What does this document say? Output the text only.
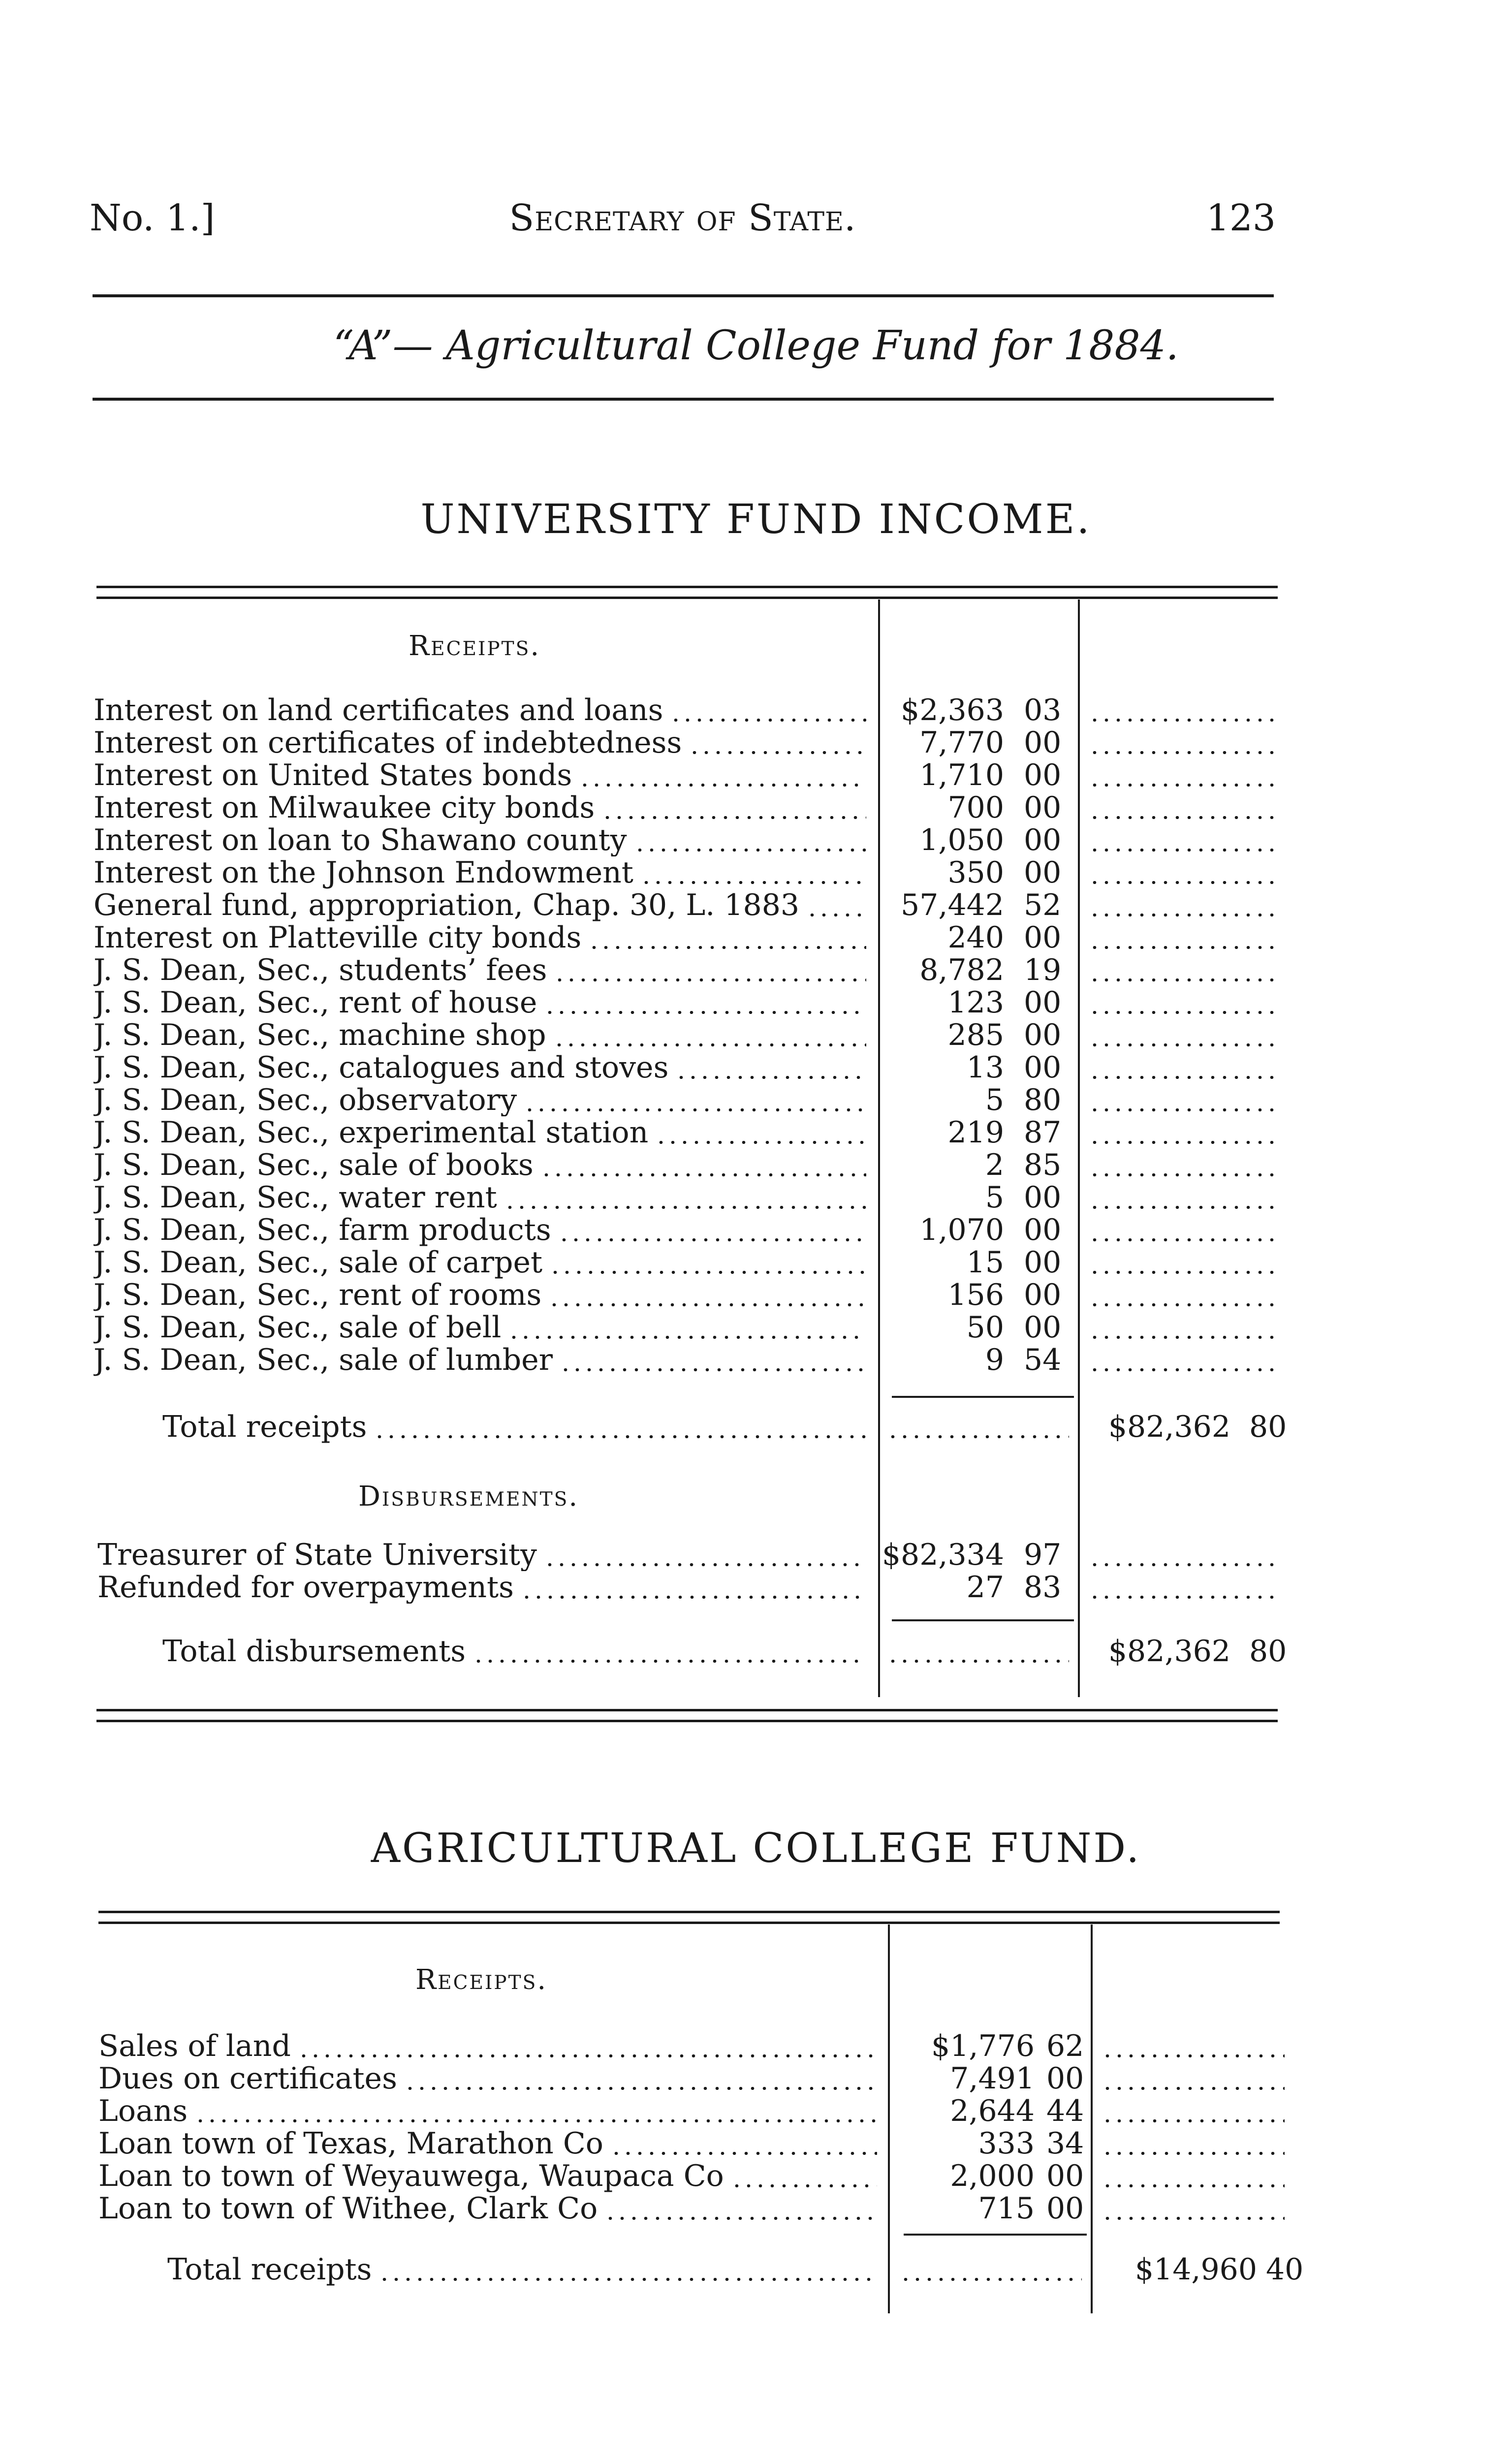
No. 1.]	Secretary of State.	123
“A”— Agricultural College Fund for 1884.
UNIVERSITY FUND INCOME.
Receipts.
Interest on land certificates and loans	$2,363 03
Interest on certificates of indebtedness	7,770 00
Interest on United States bonds	1,710 00
Interest on Milwaukee city bonds	700 00
Interest on loan to Shawano county	1,050 00
Interest on the Johnson Endowment	350 00
General fund, appropriation, Chap. 30, L. 1883	57,442 52
Interest on Platteville city bonds	240 00
J. S. Dean, Sec., students’ fees	8,782 19
J. S. Dean, Sec., rent of house	123 00
J. S. Dean, Sec., machine shop	285 00
J. S. Dean, Sec., catalogues and stoves	13 00
J. S. Dean, Sec., observatory	5 80
J. S. Dean, Sec., experimental station	219 87
J. S. Dean, Sec., sale of books	2 85
J. S. Dean, Sec., water rent	5 00
J. S. Dean, Sec., farm products	1,070 00
J. S. Dean, Sec., sale of carpet	15 00
J. S. Dean, Sec., rent of rooms	156 00
J. S. Dean, Sec., sale of bell	50 00
J. S. Dean, Sec., sale of lumber	9 54
Total receipts	$82,362 80
Disbursements.
Treasurer of State University	$82,334 97
Refunded for overpayments	27 83
Total disbursements	$82,362 80
AGRICULTURAL COLLEGE FUND.
Receipts.
Sales of land	$1,776 62
Dues on certificates	7,491 00
Loans	2,644 44
Loan town of Texas, Marathon Co	333 34
Loan to town of Weyauwega, Waupaca Co	2,000 00
Loan to town of Withee, Clark Co	715 00
Total receipts	$14,960 40
